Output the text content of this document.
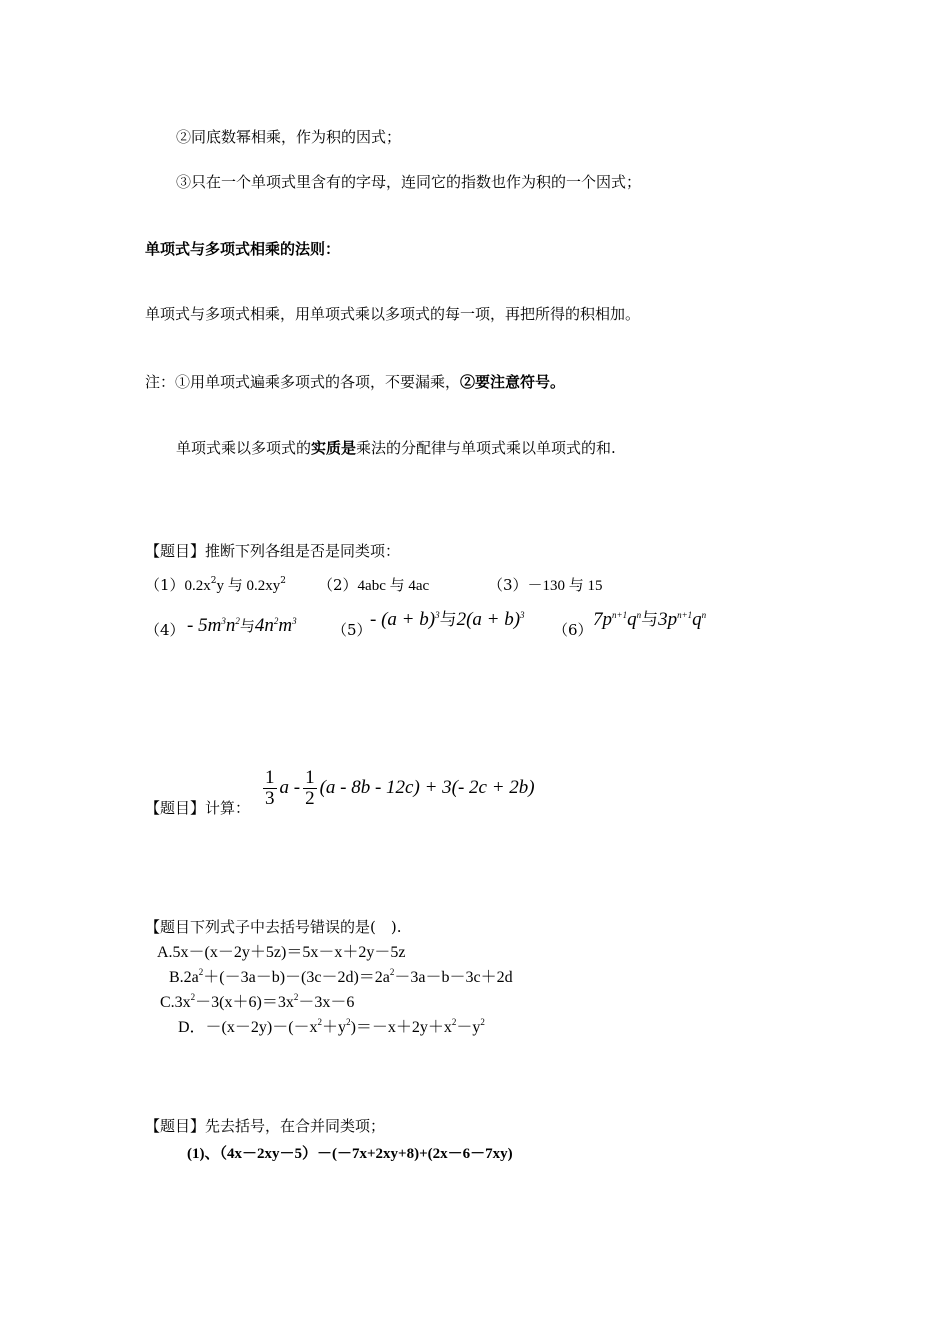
②同底数幂相乘，作为积的因式；
③只在一个单项式里含有的字母，连同它的指数也作为积的一个因式；
单项式与多项式相乘的法则：
单项式与多项式相乘，用单项式乘以多项式的每一项，再把所得的积相加。
注：①用单项式遍乘多项式的各项，不要漏乘，②要注意符号。
单项式乘以多项式的实质是乘法的分配律与单项式乘以单项式的和.
【题目】推断下列各组是否是同类项：
$(1)0.2x^2y$ 与 $0.2xy^2$ （2）4abc 与 4ac	（3）－130 与 15
$(4) - 5m^3n^2$与$4n^2m^3$ （5）
- $(a + b)^3$与$2(a + b)^3$
（6） $7p^{n+1}q^n$与$3p^{n+1}q^n$
【题目】计算： $\frac{1}{3}$ $a - \frac{1}{2} (a - 8b - 12c) + 3(-$ 2c + 2b)
【题目下列式子中去括号错误的是(　).
A.5x－(x－2y＋5z)＝5x－x＋2y－5z
$B.2a^2+(-3a-b)-(3c-2d)=2a^2-3a-b-3c+2d$
$C.3x^2-3(x+6)=3x^2-3x-6$
D．$-(x-2y)-(-x^2+y^2)=-x+2y+x^2-y^2$
【题目】先去括号，在合并同类项；
(1)、（4x－2xy－5）－(－7x+2xy+8)+(2x－6－7xy)
